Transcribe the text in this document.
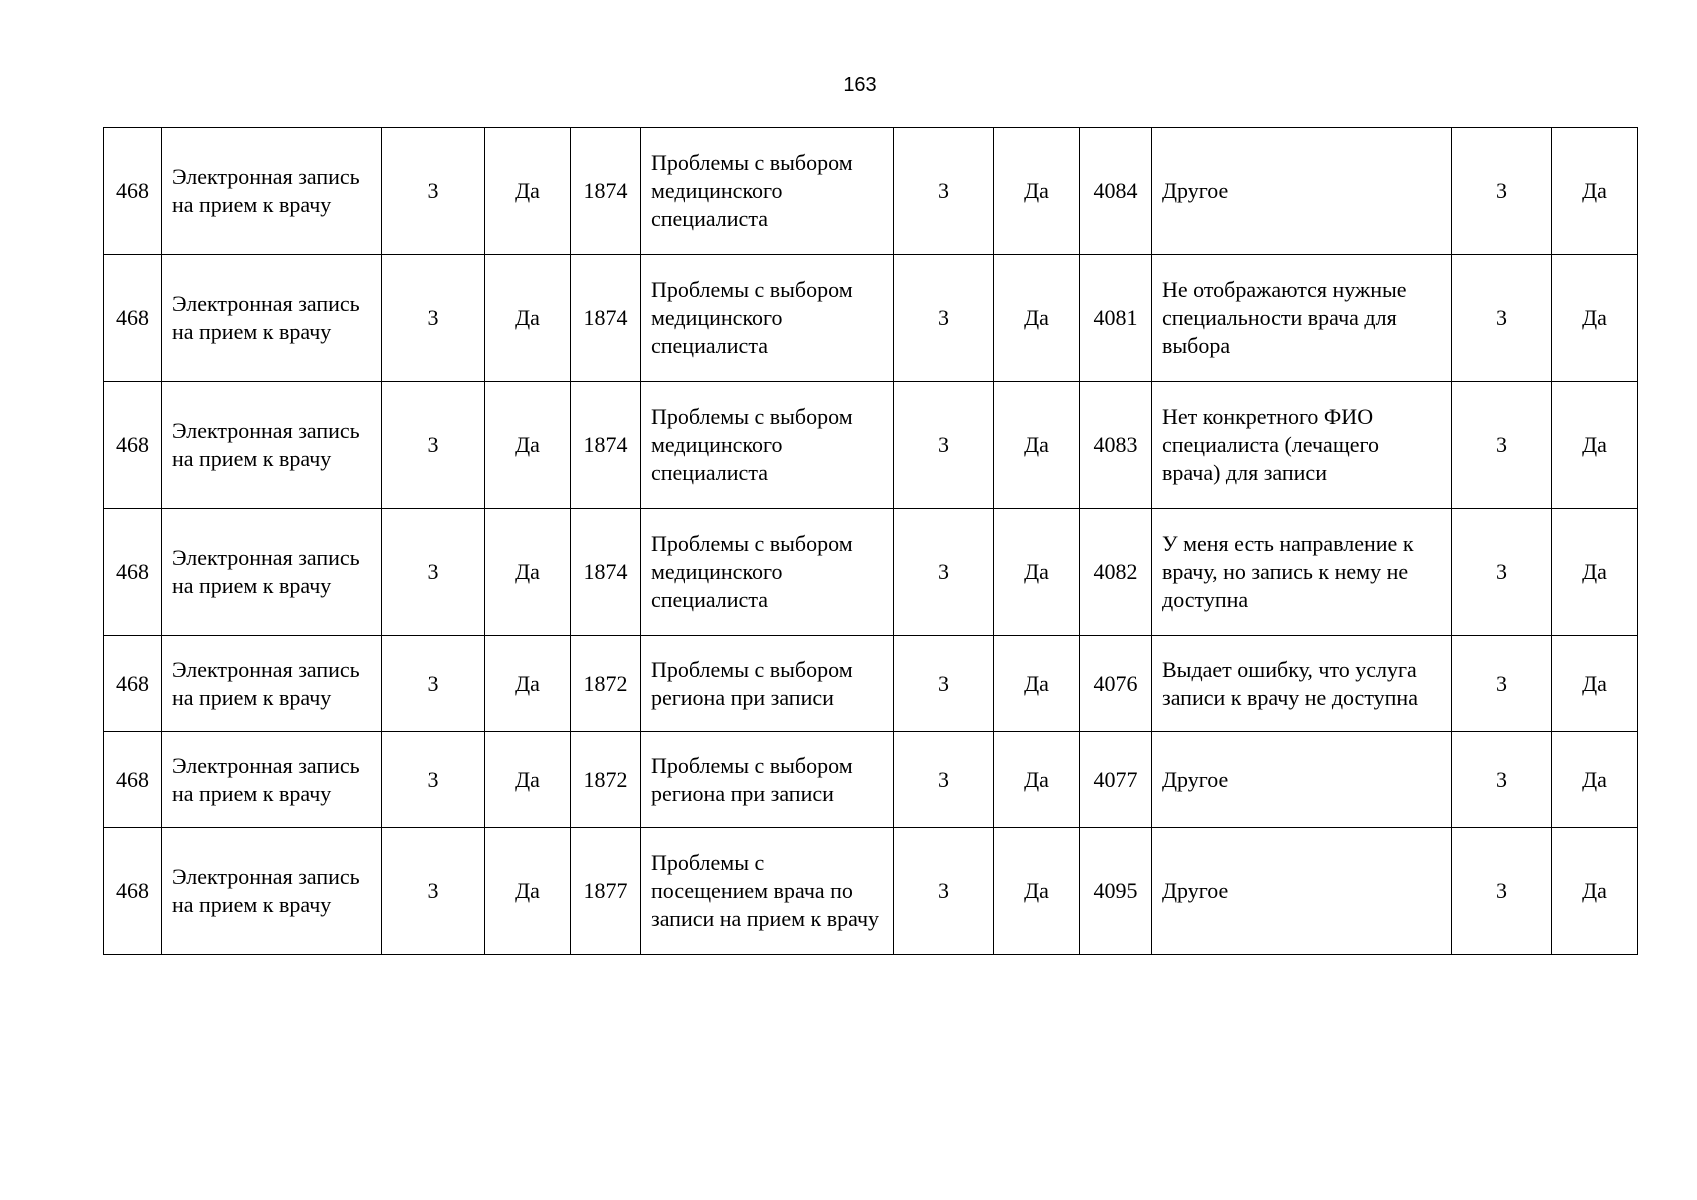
163
468	Электронная запись на прием к врачу	3	Да	1874	Проблемы с выбором медицинского специалиста	3	Да	4084	Другое	3	Да
468	Электронная запись на прием к врачу	3	Да	1874	Проблемы с выбором медицинского специалиста	3	Да	4081	Не отображаются нужные специальности врача для выбора	3	Да
468	Электронная запись на прием к врачу	3	Да	1874	Проблемы с выбором медицинского специалиста	3	Да	4083	Нет конкретного ФИО специалиста (лечащего врача) для записи	3	Да
468	Электронная запись на прием к врачу	3	Да	1874	Проблемы с выбором медицинского специалиста	3	Да	4082	У меня есть направление к врачу, но запись к нему не доступна	3	Да
468	Электронная запись на прием к врачу	3	Да	1872	Проблемы с выбором региона при записи	3	Да	4076	Выдает ошибку, что услуга записи к врачу не доступна	3	Да
468	Электронная запись на прием к врачу	3	Да	1872	Проблемы с выбором региона при записи	3	Да	4077	Другое	3	Да
468	Электронная запись на прием к врачу	3	Да	1877	Проблемы с посещением врача по записи на прием к врачу	3	Да	4095	Другое	3	Да
